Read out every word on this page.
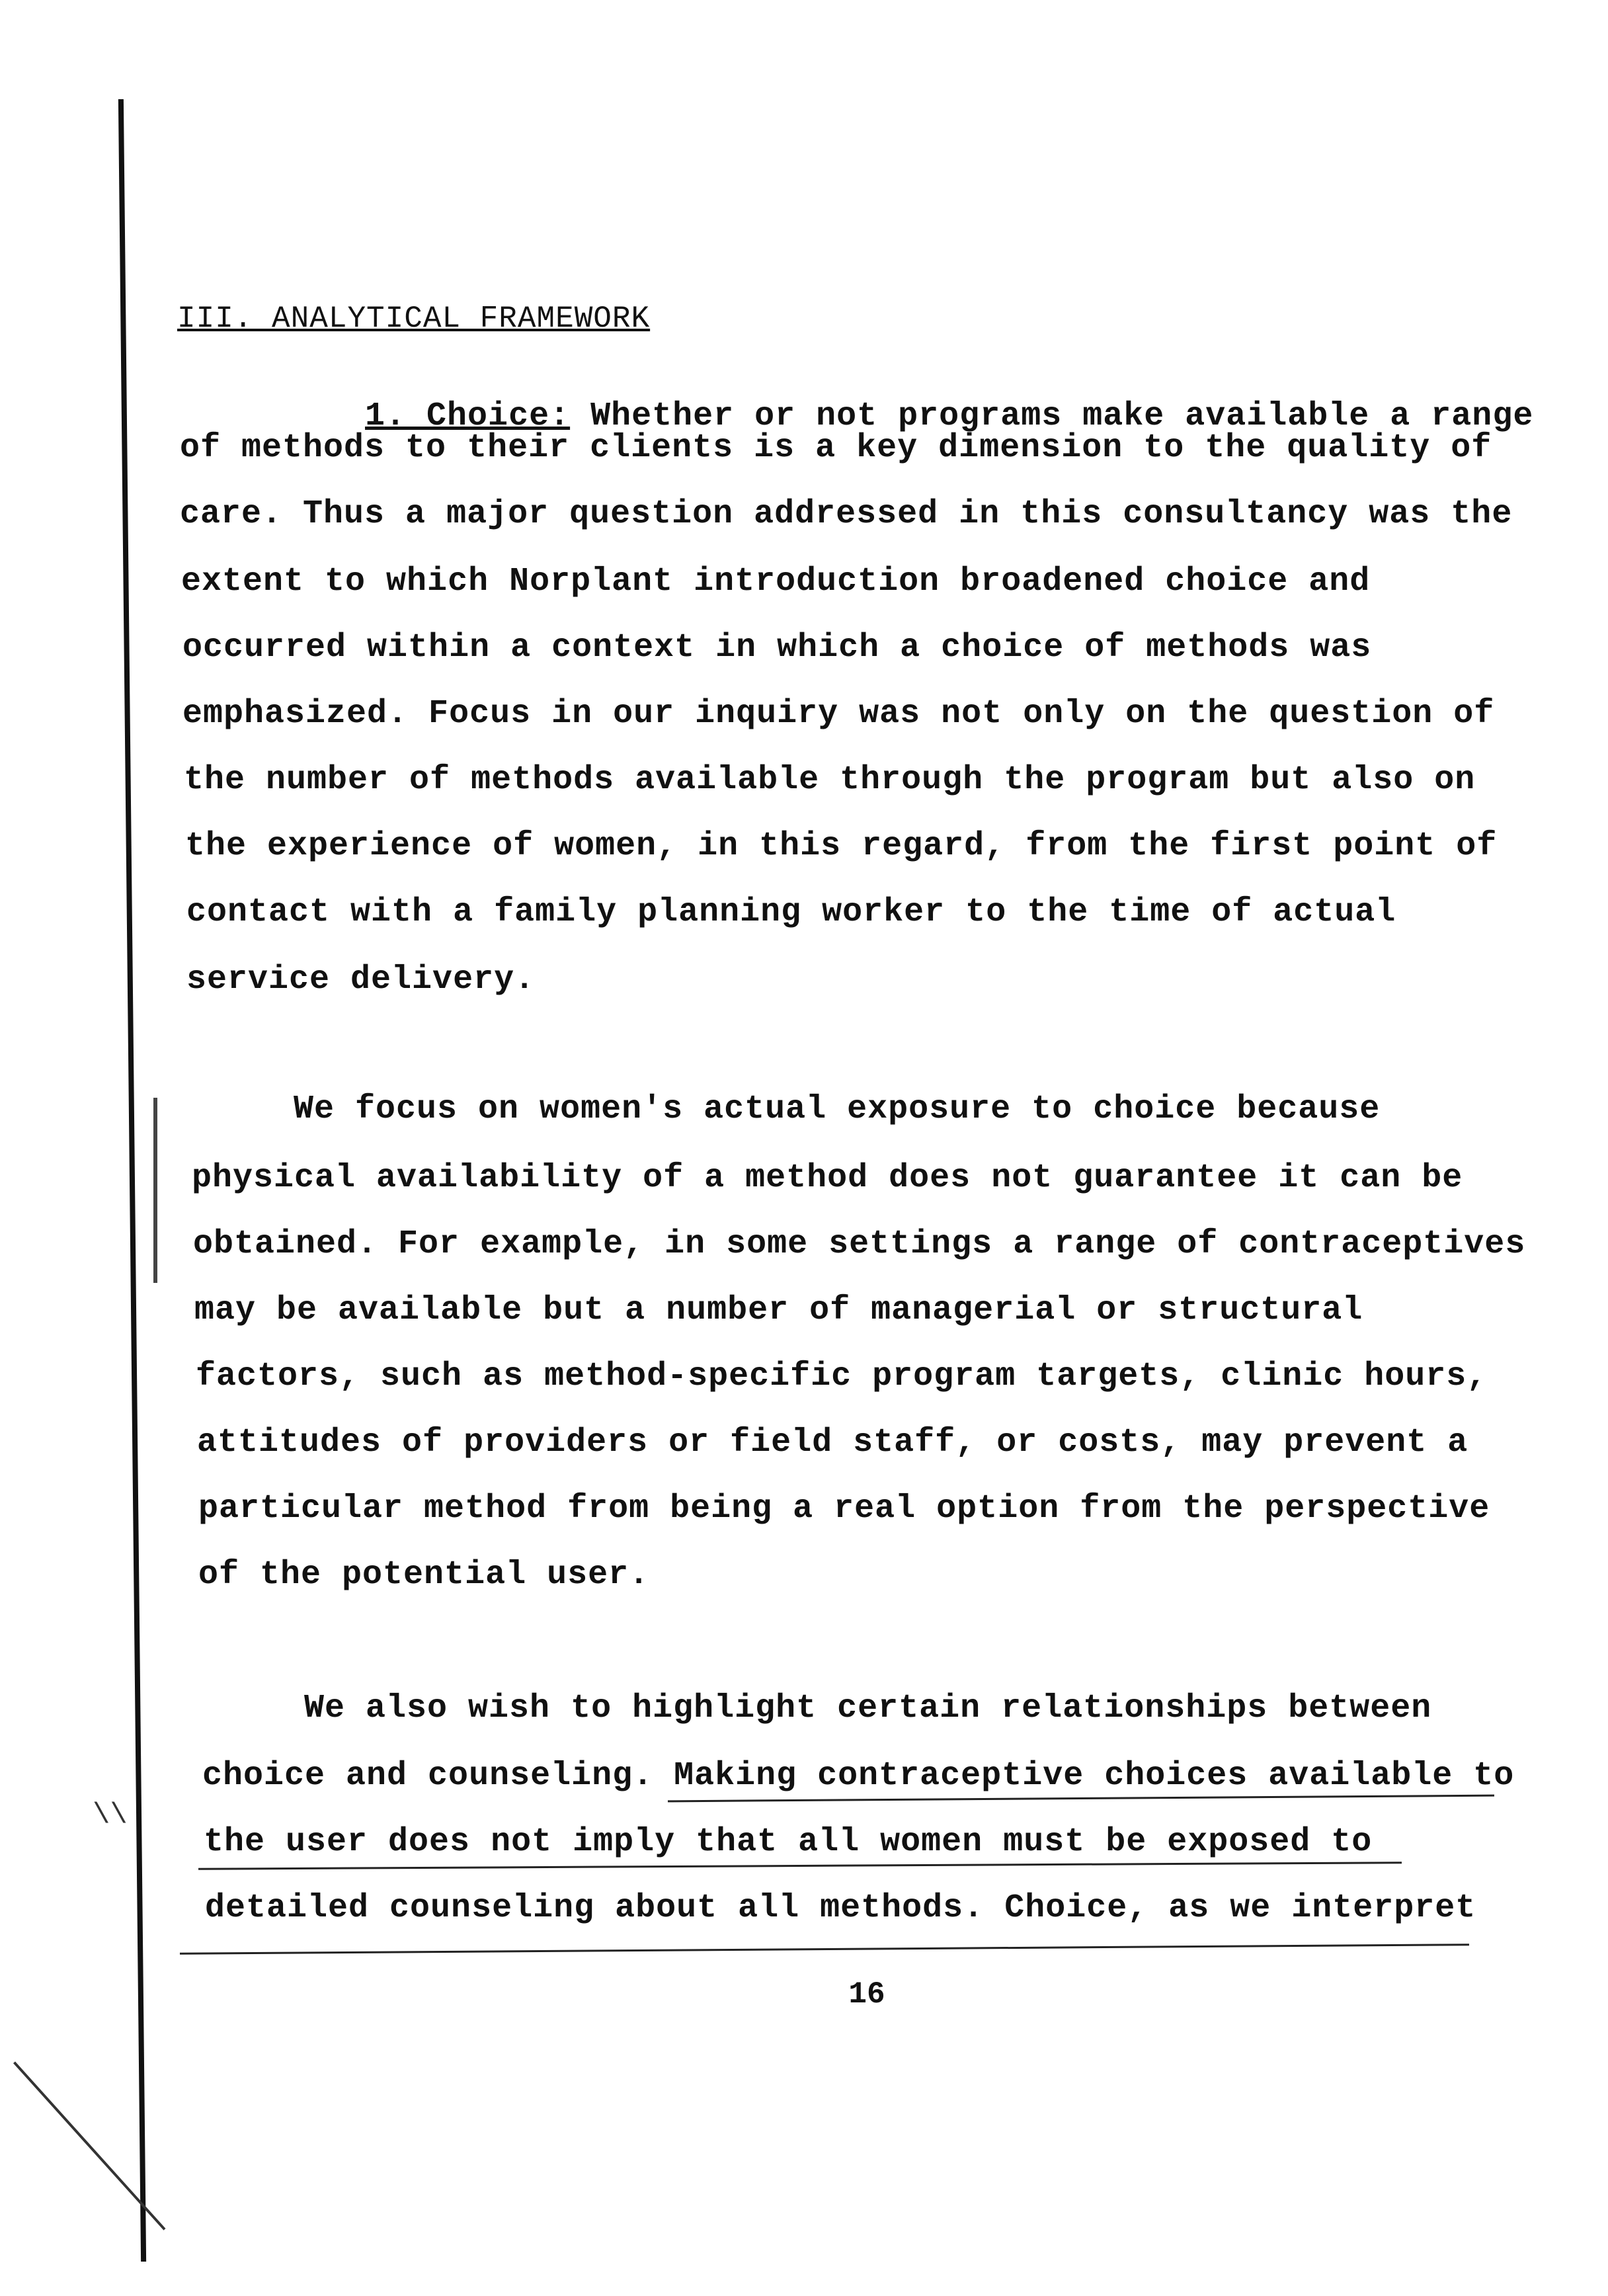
III. ANALYTICAL FRAMEWORK

1. Choice: Whether or not programs make available a range

of methods to their clients is a key dimension to the quality of
care. Thus a major question addressed in this consultancy was the
extent to which Norplant introduction broadened choice and
occurred within a context in which a choice of methods was
emphasized. Focus in our inquiry was not only on the question of
the number of methods available through the program but also on
the experience of women, in this regard, from the first point of
contact with a family planning worker to the time of actual
service delivery.
We focus on women's actual exposure to choice because
physical availability of a method does not guarantee it can be
obtained. For example, in some settings a range of contraceptives
may be available but a number of managerial or structural
factors, such as method-specific program targets, clinic hours,
attitudes of providers or field staff, or costs, may prevent a
particular method from being a real option from the perspective
of the potential user.
We also wish to highlight certain relationships between
choice and counseling. Making contraceptive choices available to
the user does not imply that all women must be exposed to
detailed counseling about all methods. Choice, as we interpret
\\
16
